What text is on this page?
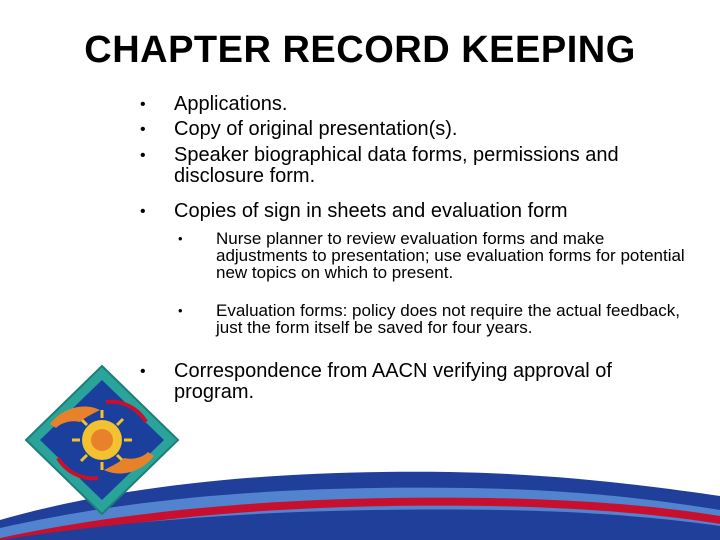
CHAPTER RECORD KEEPING
• Applications.
• Copy of original presentation(s).
• Speaker biographical data forms, permissions and disclosure form.
• Copies of sign in sheets and evaluation form
• Nurse planner to review evaluation forms and make adjustments to presentation; use evaluation forms for potential new topics on which to present.
• Evaluation forms: policy does not require the actual feedback, just the form itself be saved for four years.
• Correspondence from AACN verifying approval of program.
